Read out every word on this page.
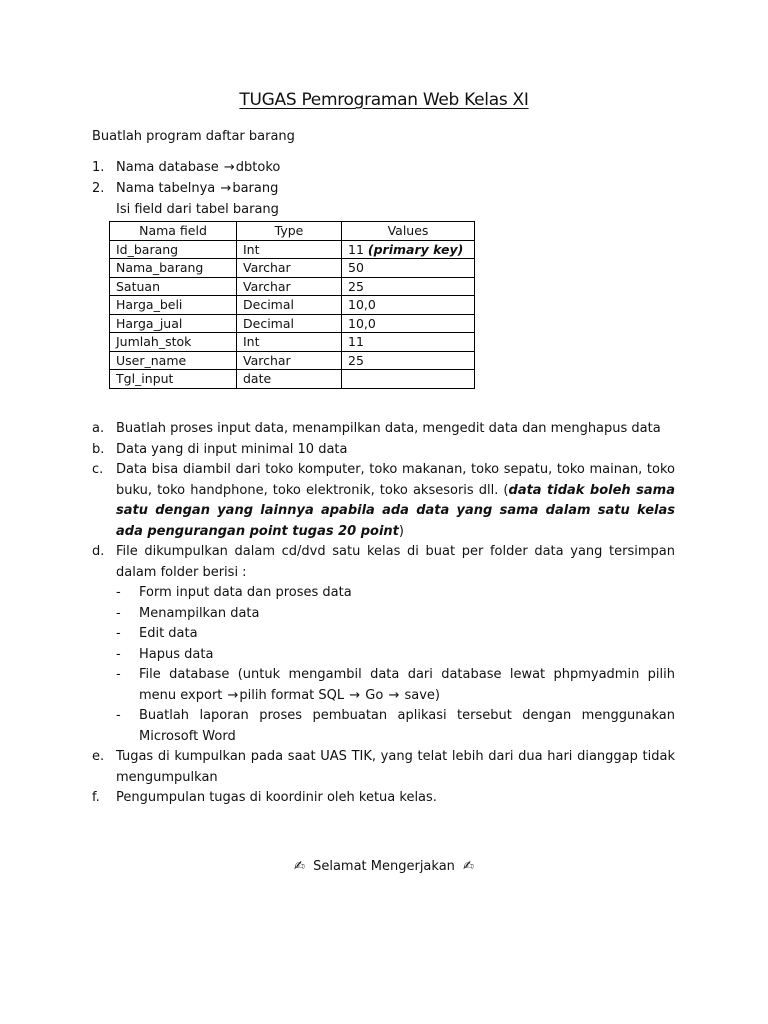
TUGAS Pemrograman Web Kelas XI
Buatlah program daftar barang
1. Nama database →dbtoko
2. Nama tabelnya →barang
Isi field dari tabel barang
Nama field	Type	Values
Id_barang	Int	11 (primary key)
Nama_barang	Varchar	50
Satuan	Varchar	25
Harga_beli	Decimal	10,0
Harga_jual	Decimal	10,0
Jumlah_stok	Int	11
User_name	Varchar	25
Tgl_input	date	
a. Buatlah proses input data, menampilkan data, mengedit data dan menghapus data
b. Data yang di input minimal 10 data
c. Data bisa diambil dari toko komputer, toko makanan, toko sepatu, toko mainan, toko buku, toko handphone, toko elektronik, toko aksesoris dll. (data tidak boleh sama satu dengan yang lainnya apabila ada data yang sama dalam satu kelas ada pengurangan point tugas 20 point)
d. File dikumpulkan dalam cd/dvd satu kelas di buat per folder data yang tersimpan dalam folder berisi :
- Form input data dan proses data
- Menampilkan data
- Edit data
- Hapus data
- File database (untuk mengambil data dari database lewat phpmyadmin pilih menu export →pilih format SQL → Go → save)
- Buatlah laporan proses pembuatan aplikasi tersebut dengan menggunakan Microsoft Word
e. Tugas di kumpulkan pada saat UAS TIK, yang telat lebih dari dua hari dianggap tidak mengumpulkan
f. Pengumpulan tugas di koordinir oleh ketua kelas.
✍ Selamat Mengerjakan ✍
